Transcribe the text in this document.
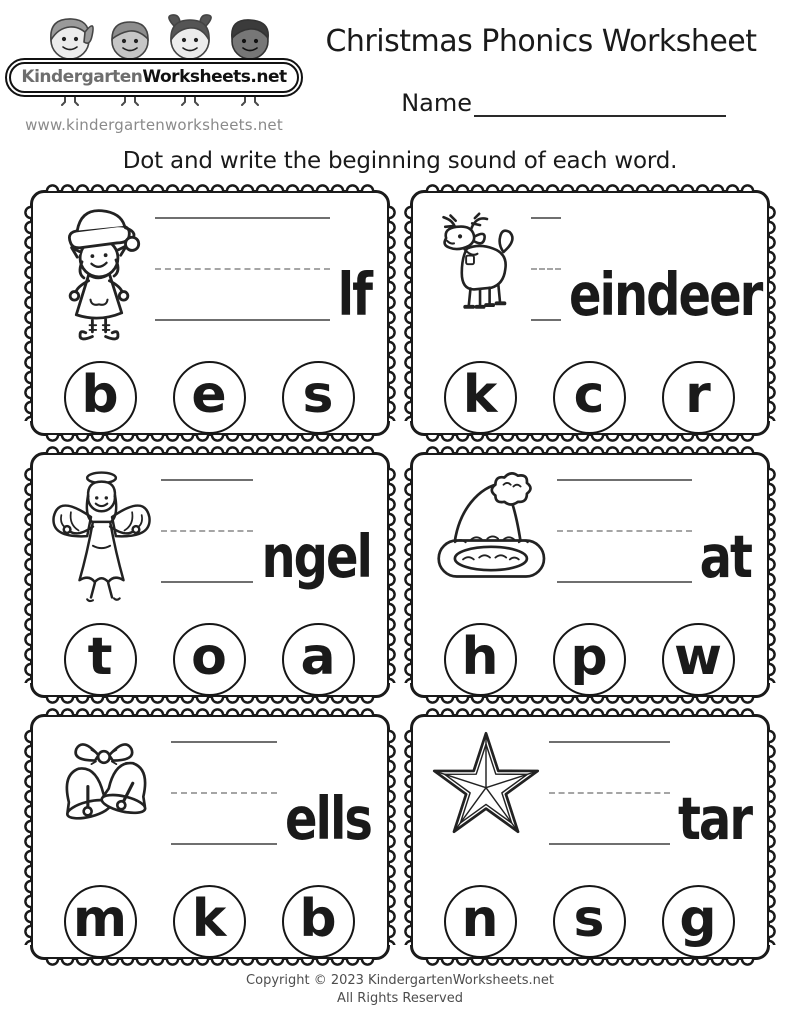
KindergartenWorksheets.net
www.kindergartenworksheets.net
Christmas Phonics Worksheet
Name

Dot and write the beginning sound of each word.

lf
b e s
eindeer
k c r
ngel
t o a
at
h p w
ells
m k b
tar
n s g
Copyright © 2023 KindergartenWorksheets.net
All Rights Reserved
